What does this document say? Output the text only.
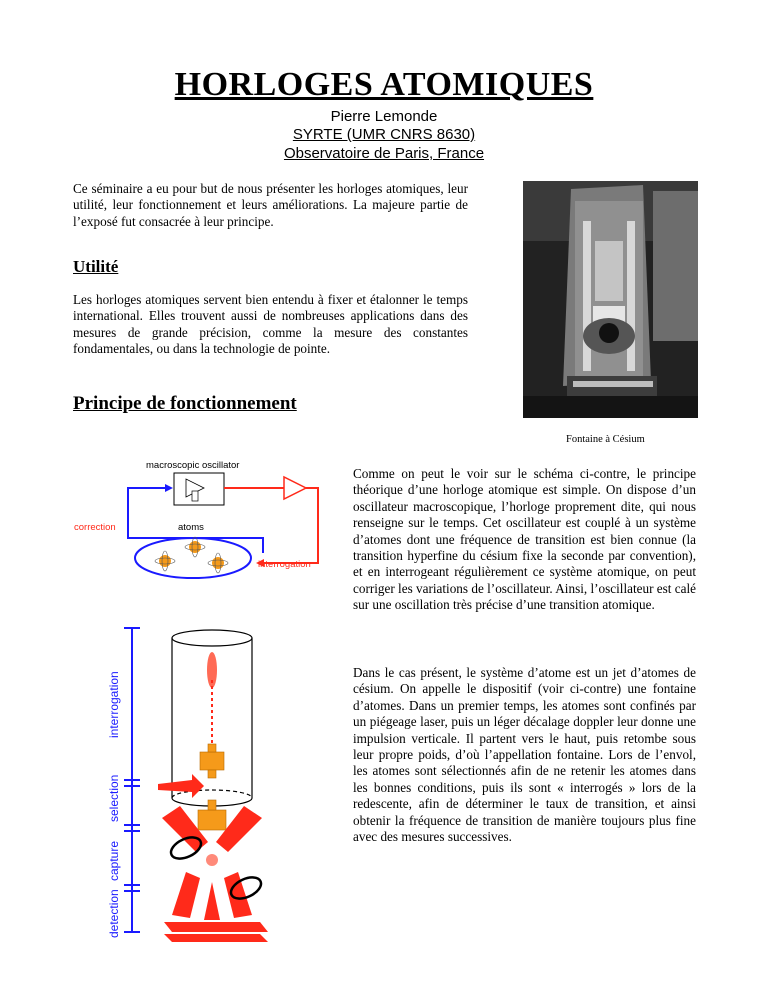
HORLOGES ATOMIQUES
Pierre Lemonde
SYRTE (UMR CNRS 8630)
Observatoire de Paris, France

Ce séminaire a eu pour but de nous présenter les horloges atomiques, leur utilité, leur fonctionnement et leurs améliorations. La majeure partie de l’exposé fut consacrée à leur principe.

Utilité

Les horloges atomiques servent bien entendu à fixer et étalonner le temps international. Elles trouvent aussi de nombreuses applications dans des mesures de grande précision, comme la mesure des constantes fondamentales, ou dans la technologie de pointe.

Principe de fonctionnement
Fontaine à Césium
macroscopic oscillator
correction	atoms
interrogation
detection
capture
selection
interrogation

Comme on peut le voir sur le schéma ci-contre, le principe théorique d’une horloge atomique est simple. On dispose d’un oscillateur macroscopique, l’horloge proprement dite, qui nous renseigne sur le temps. Cet oscillateur est couplé à un système d’atomes dont une fréquence de transition est bien connue (la transition hyperfine du césium fixe la seconde par convention), et en interrogeant régulièrement ce système atomique, on peut corriger les variations de l’oscillateur. Ainsi, l’oscillateur est calé sur une oscillation très précise d’une transition atomique.

Dans le cas présent, le système d’atome est un jet d’atomes de césium. On appelle le dispositif (voir ci-contre) une fontaine d’atomes. Dans un premier temps, les atomes sont confinés par un piégeage laser, puis un léger décalage doppler leur donne une impulsion verticale. Il partent vers le haut, puis retombe sous leur propre poids, d’où l’appellation fontaine. Lors de l’envol, les atomes sont sélectionnés afin de ne retenir les atomes dans les bonnes conditions, puis ils sont « interrogés » lors de la redescente, afin de déterminer le taux de transition, et ainsi obtenir la fréquence de transition de manière toujours plus fine avec des mesures successives.
